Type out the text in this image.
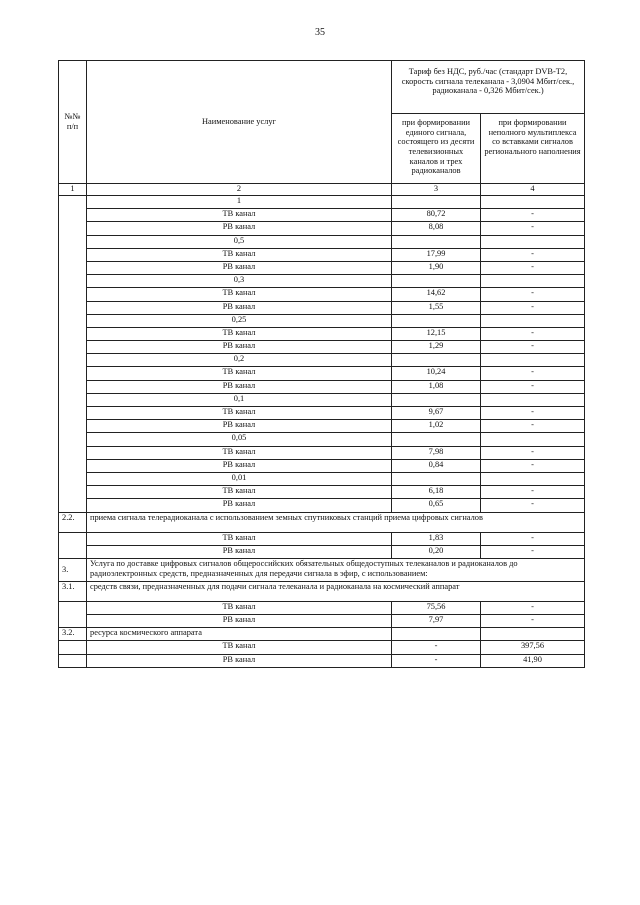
35
№№ п/п	Наименование услуг	Тариф без НДС, руб./час (стандарт DVB-T2, скорость сигнала телеканала - 3,0904 Мбит/сек., радиоканала - 0,326 Мбит/сек.)	
		при формировании единого сигнала, состоящего из десяти телевизионных каналов и трех радиоканалов	при формировании неполного мультиплекса со вставками сигналов регионального наполнения
1	2	3	4
	1		
	ТВ канал	80,72	-
	РВ канал	8,08	-
	0,5		
	ТВ канал	17,99	-
	РВ канал	1,90	-
	0,3		
	ТВ канал	14,62	-
	РВ канал	1,55	-
	0,25		
	ТВ канал	12,15	-
	РВ канал	1,29	-
	0,2		
	ТВ канал	10,24	-
	РВ канал	1,08	-
	0,1		
	ТВ канал	9,67	-
	РВ канал	1,02	-
	0,05		
	ТВ канал	7,98	-
	РВ канал	0,84	-
	0,01		
	ТВ канал	6,18	-
	РВ канал	0,65	-
2.2.	приема сигнала телерадиоканала с использованием земных спутниковых станций приема цифровых сигналов		
	ТВ канал	1,83	-
	РВ канал	0,20	-
3.	Услуга по доставке цифровых сигналов общероссийских обязательных общедоступных телеканалов и радиоканалов до радиоэлектронных средств, предназначенных для передачи сигнала в эфир, с использованием:		
3.1.	средств связи, предназначенных для подачи сигнала телеканала и радиоканала на космический аппарат		
	ТВ канал	75,56	-
	РВ канал	7,97	-
3.2.	ресурса космического аппарата		
	ТВ канал	-	397,56
	РВ канал	-	41,90
